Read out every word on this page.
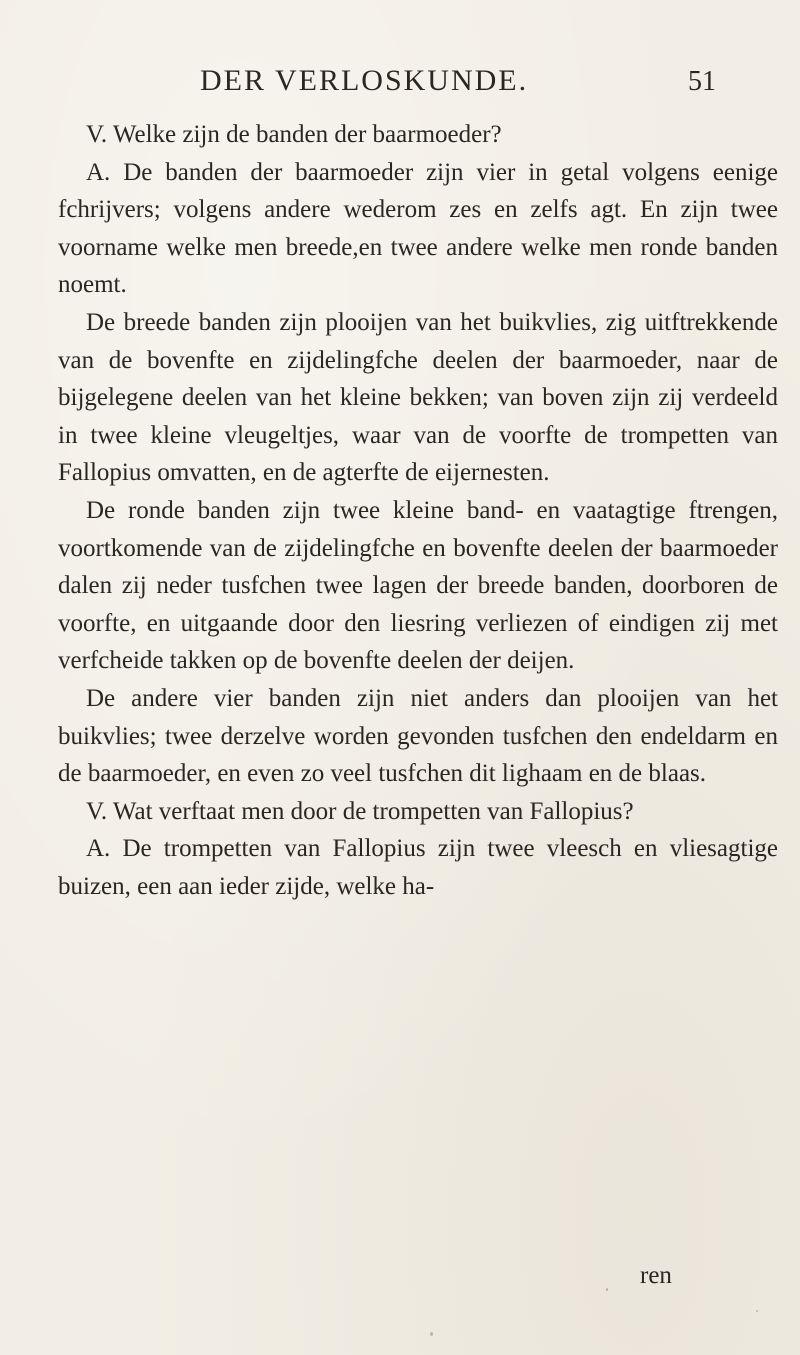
DER VERLOSKUNDE.	51

V. Welke zijn de banden der baarmoeder?

A. De banden der baarmoeder zijn vier in getal volgens eenige fchrijvers; volgens andere wederom zes en zelfs agt. En zijn twee voorname welke men breede,en twee andere welke men ronde banden noemt.

De breede banden zijn plooijen van het buikvlies, zig uitftrekkende van de bovenfte en zijdelingfche deelen der baarmoeder, naar de bijgelegene deelen van het kleine bekken; van boven zijn zij verdeeld in twee kleine vleugeltjes, waar van de voorfte de trompetten van Fallopius omvatten, en de agterfte de eijernesten.

De ronde banden zijn twee kleine band- en vaatagtige ftrengen, voortkomende van de zijdelingfche en bovenfte deelen der baarmoeder dalen zij neder tusfchen twee lagen der breede banden, doorboren de voorfte, en uitgaande door den liesring verliezen of eindigen zij met verfcheide takken op de bovenfte deelen der deijen.

De andere vier banden zijn niet anders dan plooijen van het buikvlies; twee derzelve worden gevonden tusfchen den endeldarm en de baarmoeder, en even zo veel tusfchen dit lighaam en de blaas.

V. Wat verftaat men door de trompetten van Fallopius?

A. De trompetten van Fallopius zijn twee vleesch en vliesagtige buizen, een aan ieder zijde, welke ha-

ren
